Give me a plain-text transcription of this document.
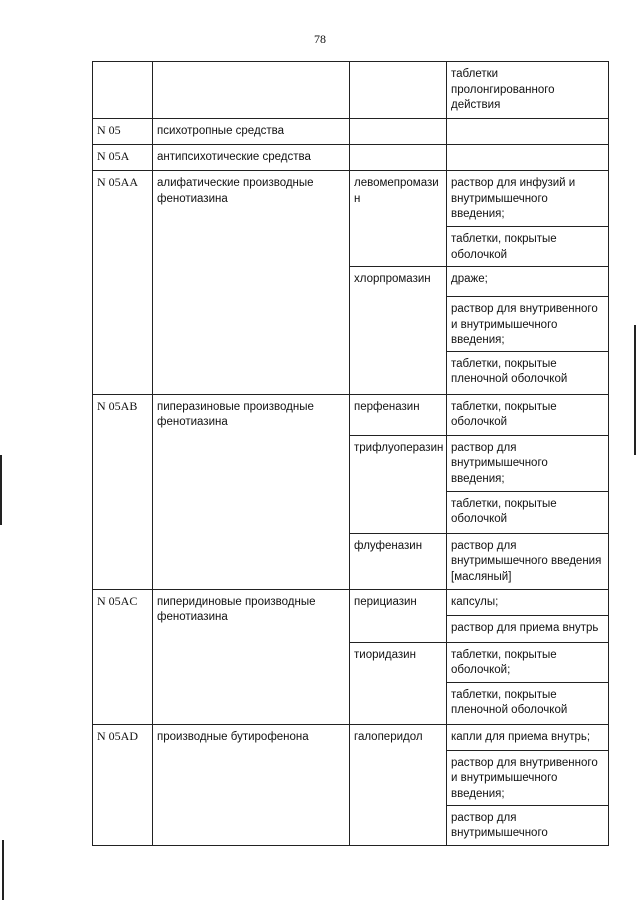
78
			таблетки пролонгированного действия
N 05	психотропные средства		
N 05A	антипсихотические средства		
N 05AA	алифатические производные фенотиазина	левомепромази н	раствор для инфузий и внутримышечного введения;
			таблетки, покрытые оболочкой
		хлорпромазин	драже;
			раствор для внутривенного и внутримышечного введения;
			таблетки, покрытые пленочной оболочкой
N 05AB	пиперазиновые производные фенотиазина	перфеназин	таблетки, покрытые оболочкой
		трифлуоперазин	раствор для внутримышечного введения;
			таблетки, покрытые оболочкой
		флуфеназин	раствор для внутримышечного введения [масляный]
N 05AC	пиперидиновые производные фенотиазина	перициазин	капсулы;
			раствор для приема внутрь
		тиоридазин	таблетки, покрытые оболочкой;
			таблетки, покрытые пленочной оболочкой
N 05AD	производные бутирофенона	галоперидол	капли для приема внутрь;
			раствор для внутривенного и внутримышечного введения;
			раствор для внутримышечного
